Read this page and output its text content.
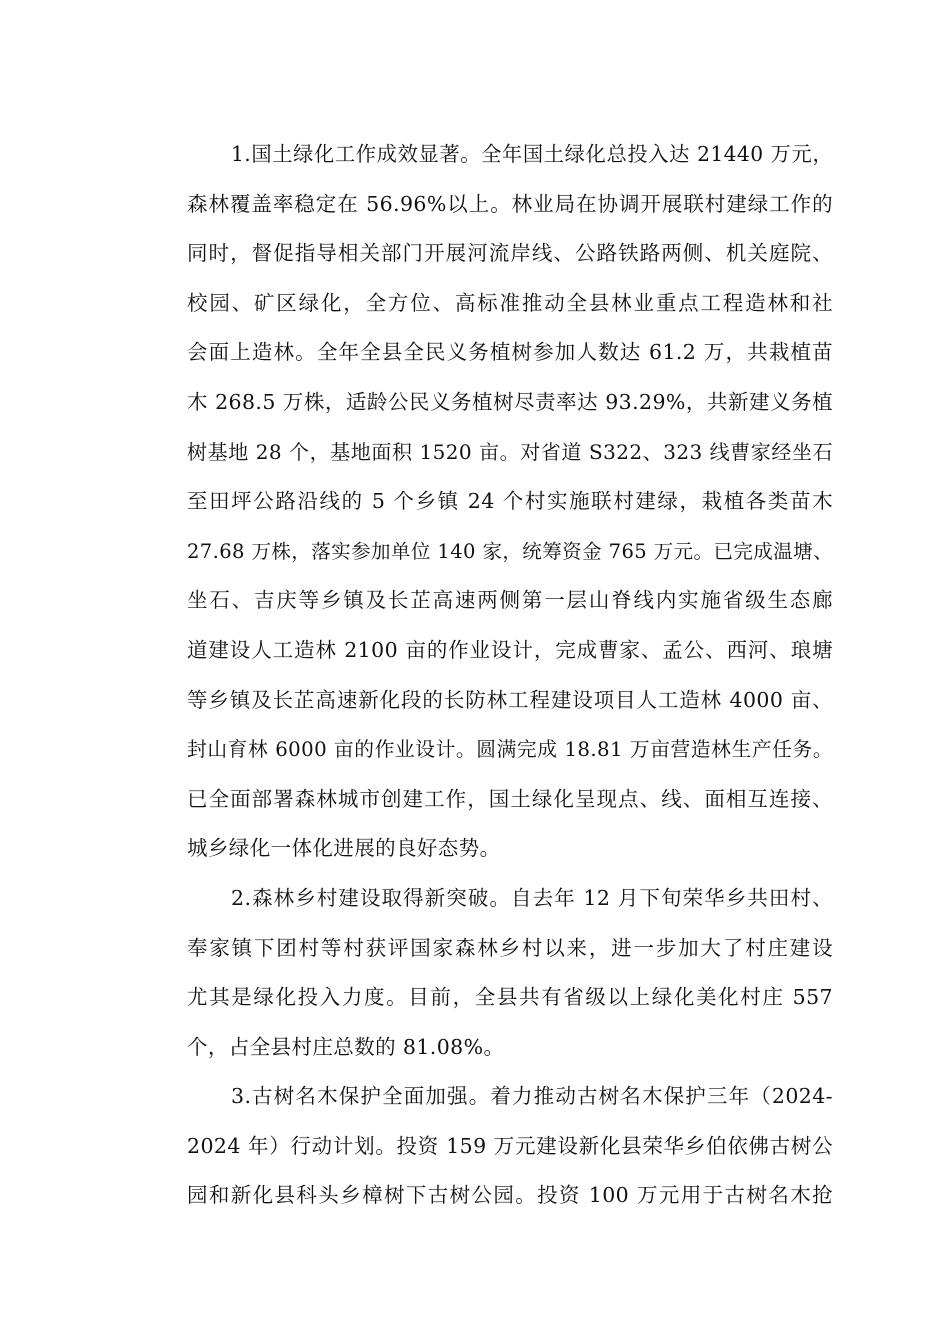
1.国土绿化工作成效显著。全年国土绿化总投入达 21440 万元，
森林覆盖率稳定在 56.96%以上。林业局在协调开展联村建绿工作的
同时，督促指导相关部门开展河流岸线、公路铁路两侧、机关庭院、
校园、矿区绿化，全方位、高标准推动全县林业重点工程造林和社
会面上造林。全年全县全民义务植树参加人数达 61.2 万，共栽植苗
木 268.5 万株，适龄公民义务植树尽责率达 93.29%，共新建义务植
树基地 28 个，基地面积 1520 亩。对省道 S322、323 线曹家经坐石
至田坪公路沿线的 5 个乡镇 24 个村实施联村建绿，栽植各类苗木
27.68 万株，落实参加单位 140 家，统筹资金 765 万元。已完成温塘、
坐石、吉庆等乡镇及长芷高速两侧第一层山脊线内实施省级生态廊
道建设人工造林 2100 亩的作业设计，完成曹家、孟公、西河、琅塘
等乡镇及长芷高速新化段的长防林工程建设项目人工造林 4000 亩、
封山育林 6000 亩的作业设计。圆满完成 18.81 万亩营造林生产任务。
已全面部署森林城市创建工作，国土绿化呈现点、线、面相互连接、
城乡绿化一体化进展的良好态势。
2.森林乡村建设取得新突破。自去年 12 月下旬荣华乡共田村、
奉家镇下团村等村获评国家森林乡村以来，进一步加大了村庄建设
尤其是绿化投入力度。目前，全县共有省级以上绿化美化村庄 557
个，占全县村庄总数的 81.08%。
3.古树名木保护全面加强。着力推动古树名木保护三年（2024-
2024 年）行动计划。投资 159 万元建设新化县荣华乡伯依佛古树公
园和新化县科头乡樟树下古树公园。投资 100 万元用于古树名木抢
